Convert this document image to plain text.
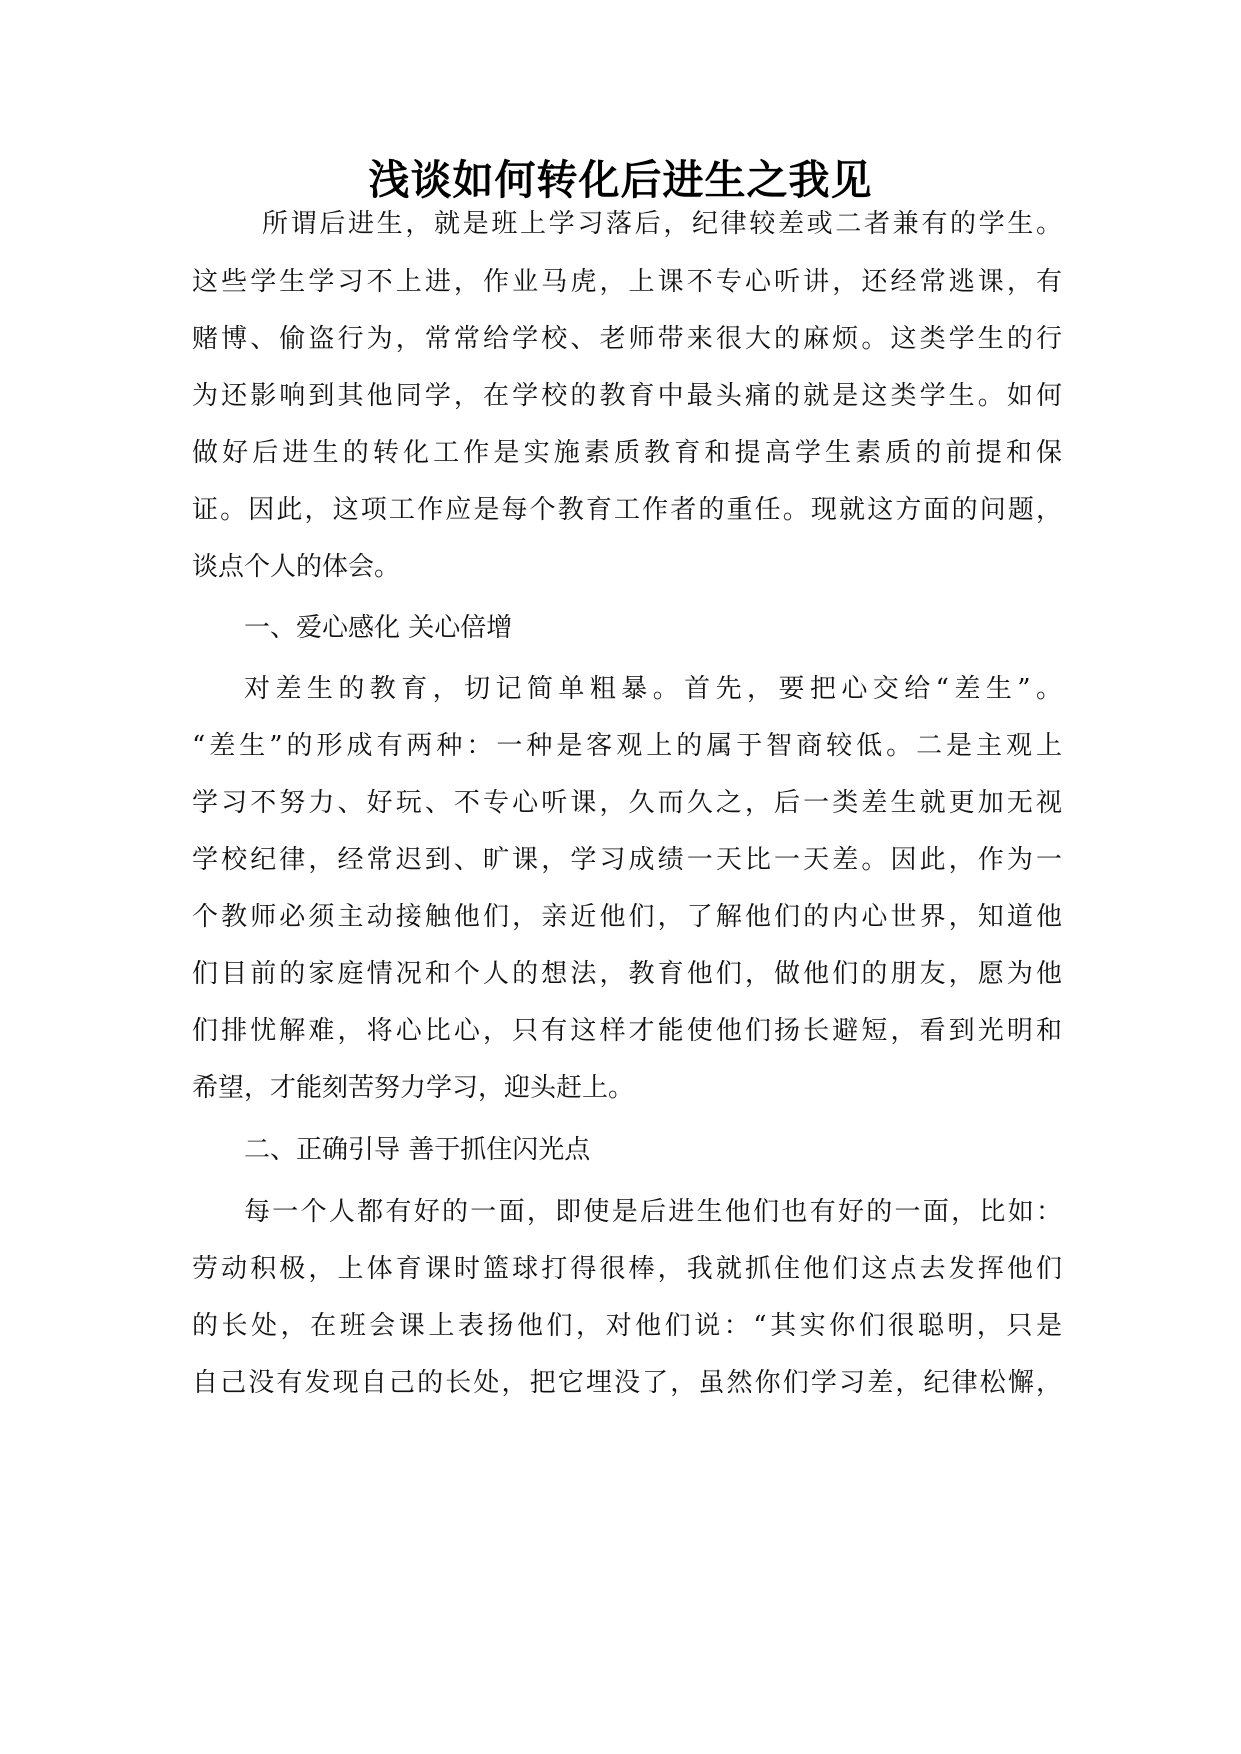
浅谈如何转化后进生之我见

所谓后进生，就是班上学习落后，纪律较差或二者兼有的学生。

这些学生学习不上进，作业马虎，上课不专心听讲，还经常逃课，有

赌博、偷盗行为，常常给学校、老师带来很大的麻烦。这类学生的行

为还影响到其他同学，在学校的教育中最头痛的就是这类学生。如何

做好后进生的转化工作是实施素质教育和提高学生素质的前提和保

证。因此，这项工作应是每个教育工作者的重任。现就这方面的问题，

谈点个人的体会。

一、爱心感化 关心倍增

对差生的教育，切记简单粗暴。首先，要把心交给“差生”。

“差生”的形成有两种：一种是客观上的属于智商较低。二是主观上

学习不努力、好玩、不专心听课，久而久之，后一类差生就更加无视

学校纪律，经常迟到、旷课，学习成绩一天比一天差。因此，作为一

个教师必须主动接触他们，亲近他们，了解他们的内心世界，知道他

们目前的家庭情况和个人的想法，教育他们，做他们的朋友，愿为他

们排忧解难，将心比心，只有这样才能使他们扬长避短，看到光明和

希望，才能刻苦努力学习，迎头赶上。

二、正确引导 善于抓住闪光点

每一个人都有好的一面，即使是后进生他们也有好的一面，比如：

劳动积极，上体育课时篮球打得很棒，我就抓住他们这点去发挥他们

的长处，在班会课上表扬他们，对他们说：“其实你们很聪明，只是

自己没有发现自己的长处，把它埋没了，虽然你们学习差，纪律松懈，
